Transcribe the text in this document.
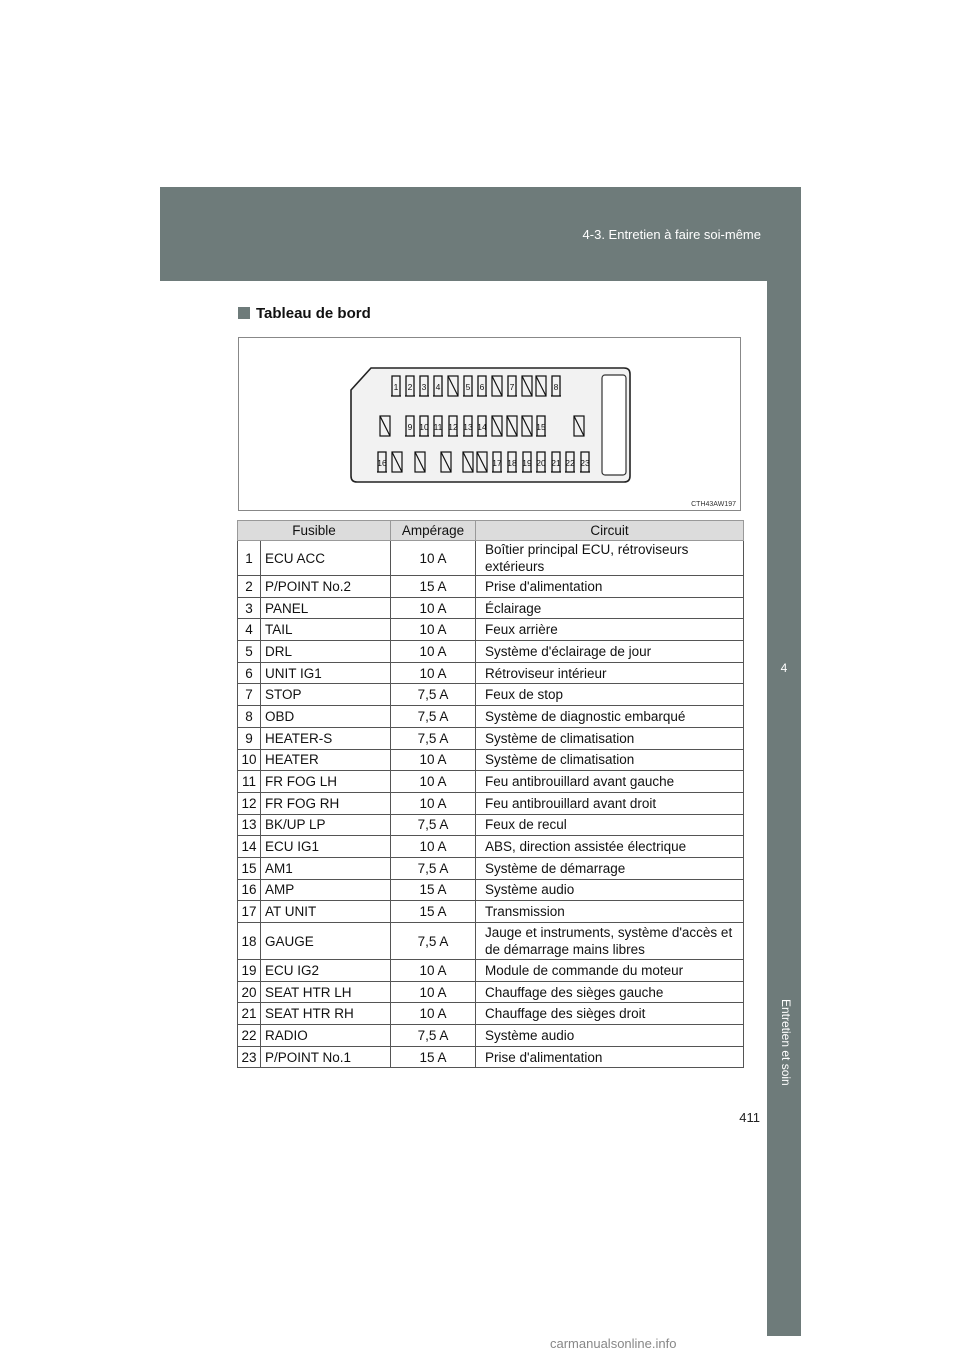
4-3. Entretien à faire soi-même
4
Entretien et soin
Tableau de bord
1 2 3 4	5 6	7	8
9 10 11 12 13 14	15
16	17 18 19 20 21 22 23
CTH43AW197
Fusible		Ampérage	Circuit
1	ECU ACC	10 A	Boîtier principal ECU, rétroviseurs extérieurs
2	P/POINT No.2	15 A	Prise d'alimentation
3	PANEL	10 A	Éclairage
4	TAIL	10 A	Feux arrière
5	DRL	10 A	Système d'éclairage de jour
6	UNIT IG1	10 A	Rétroviseur intérieur
7	STOP	7,5 A	Feux de stop
8	OBD	7,5 A	Système de diagnostic embarqué
9	HEATER-S	7,5 A	Système de climatisation
10	HEATER	10 A	Système de climatisation
11	FR FOG LH	10 A	Feu antibrouillard avant gauche
12	FR FOG RH	10 A	Feu antibrouillard avant droit
13	BK/UP LP	7,5 A	Feux de recul
14	ECU IG1	10 A	ABS, direction assistée électrique
15	AM1	7,5 A	Système de démarrage
16	AMP	15 A	Système audio
17	AT UNIT	15 A	Transmission
18	GAUGE	7,5 A	Jauge et instruments, système d'accès et de démarrage mains libres
19	ECU IG2	10 A	Module de commande du moteur
20	SEAT HTR LH	10 A	Chauffage des sièges gauche
21	SEAT HTR RH	10 A	Chauffage des sièges droit
22	RADIO	7,5 A	Système audio
23	P/POINT No.1	15 A	Prise d'alimentation
411
carmanualsonline.info
